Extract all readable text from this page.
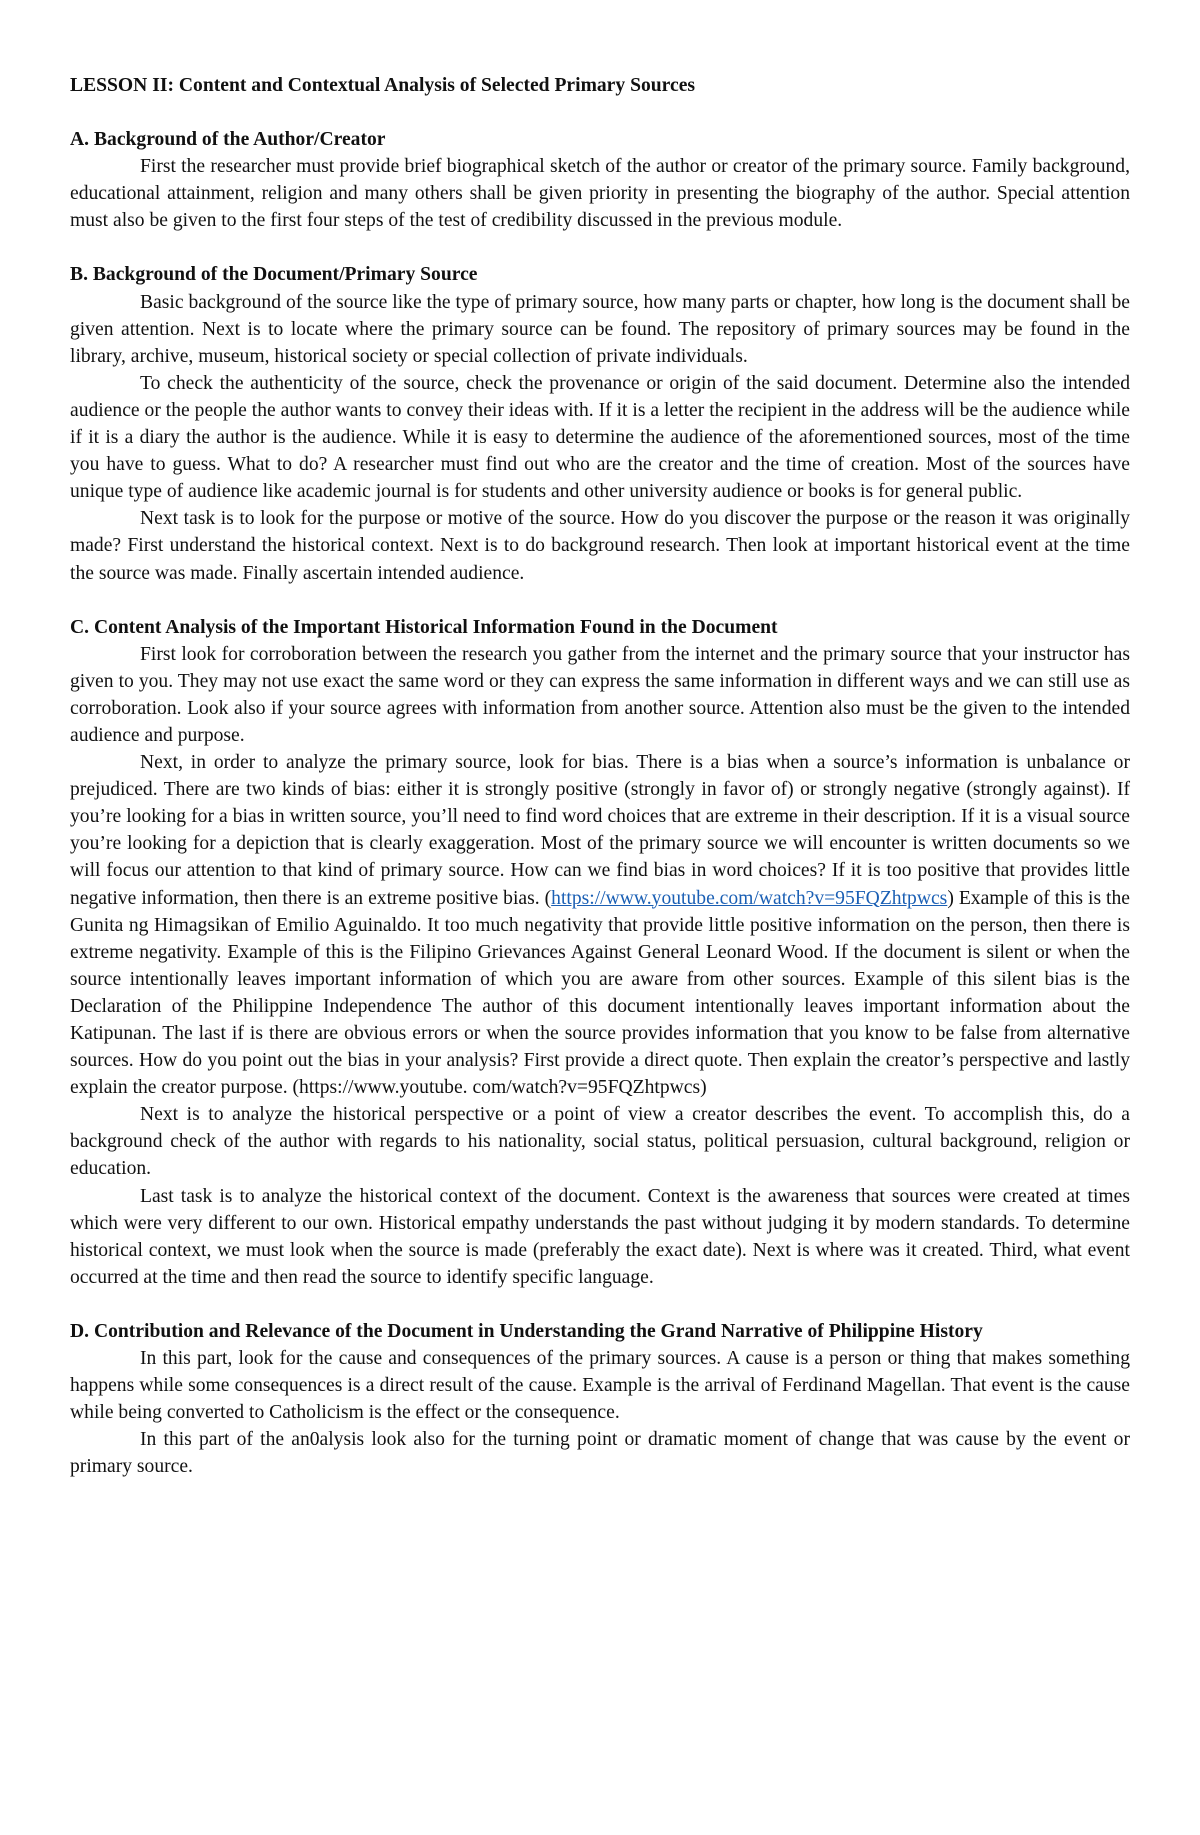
LESSON II: Content and Contextual Analysis of Selected Primary Sources
A. Background of the Author/Creator

First the researcher must provide brief biographical sketch of the author or creator of the primary source. Family background, educational attainment, religion and many others shall be given priority in presenting the biography of the author. Special attention must also be given to the first four steps of the test of credibility discussed in the previous module.

B. Background of the Document/Primary Source

Basic background of the source like the type of primary source, how many parts or chapter, how long is the document shall be given attention. Next is to locate where the primary source can be found. The repository of primary sources may be found in the library, archive, museum, historical society or special collection of private individuals.

To check the authenticity of the source, check the provenance or origin of the said document. Determine also the intended audience or the people the author wants to convey their ideas with. If it is a letter the recipient in the address will be the audience while if it is a diary the author is the audience. While it is easy to determine the audience of the aforementioned sources, most of the time you have to guess. What to do? A researcher must find out who are the creator and the time of creation. Most of the sources have unique type of audience like academic journal is for students and other university audience or books is for general public.

Next task is to look for the purpose or motive of the source. How do you discover the purpose or the reason it was originally made? First understand the historical context. Next is to do background research. Then look at important historical event at the time the source was made. Finally ascertain intended audience.

C. Content Analysis of the Important Historical Information Found in the Document

First look for corroboration between the research you gather from the internet and the primary source that your instructor has given to you. They may not use exact the same word or they can express the same information in different ways and we can still use as corroboration. Look also if your source agrees with information from another source. Attention also must be the given to the intended audience and purpose.

Next, in order to analyze the primary source, look for bias. There is a bias when a source’s information is unbalance or prejudiced. There are two kinds of bias: either it is strongly positive (strongly in favor of) or strongly negative (strongly against). If you’re looking for a bias in written source, you’ll need to find word choices that are extreme in their description. If it is a visual source you’re looking for a depiction that is clearly exaggeration. Most of the primary source we will encounter is written documents so we will focus our attention to that kind of primary source. How can we find bias in word choices? If it is too positive that provides little negative information, then there is an extreme positive bias. (https://www.youtube.com/watch?v=95FQZhtpwcs) Example of this is the Gunita ng Himagsikan of Emilio Aguinaldo. It too much negativity that provide little positive information on the person, then there is extreme negativity. Example of this is the Filipino Grievances Against General Leonard Wood. If the document is silent or when the source intentionally leaves important information of which you are aware from other sources. Example of this silent bias is the Declaration of the Philippine Independence The author of this document intentionally leaves important information about the Katipunan. The last if is there are obvious errors or when the source provides information that you know to be false from alternative sources. How do you point out the bias in your analysis? First provide a direct quote. Then explain the creator’s perspective and lastly explain the creator purpose. (https://www.youtube. com/watch?v=95FQZhtpwcs)

Next is to analyze the historical perspective or a point of view a creator describes the event. To accomplish this, do a background check of the author with regards to his nationality, social status, political persuasion, cultural background, religion or education.

Last task is to analyze the historical context of the document. Context is the awareness that sources were created at times which were very different to our own. Historical empathy understands the past without judging it by modern standards. To determine historical context, we must look when the source is made (preferably the exact date). Next is where was it created. Third, what event occurred at the time and then read the source to identify specific language.

D. Contribution and Relevance of the Document in Understanding the Grand Narrative of Philippine History

In this part, look for the cause and consequences of the primary sources. A cause is a person or thing that makes something happens while some consequences is a direct result of the cause. Example is the arrival of Ferdinand Magellan. That event is the cause while being converted to Catholicism is the effect or the consequence.

In this part of the an0alysis look also for the turning point or dramatic moment of change that was cause by the event or primary source.
